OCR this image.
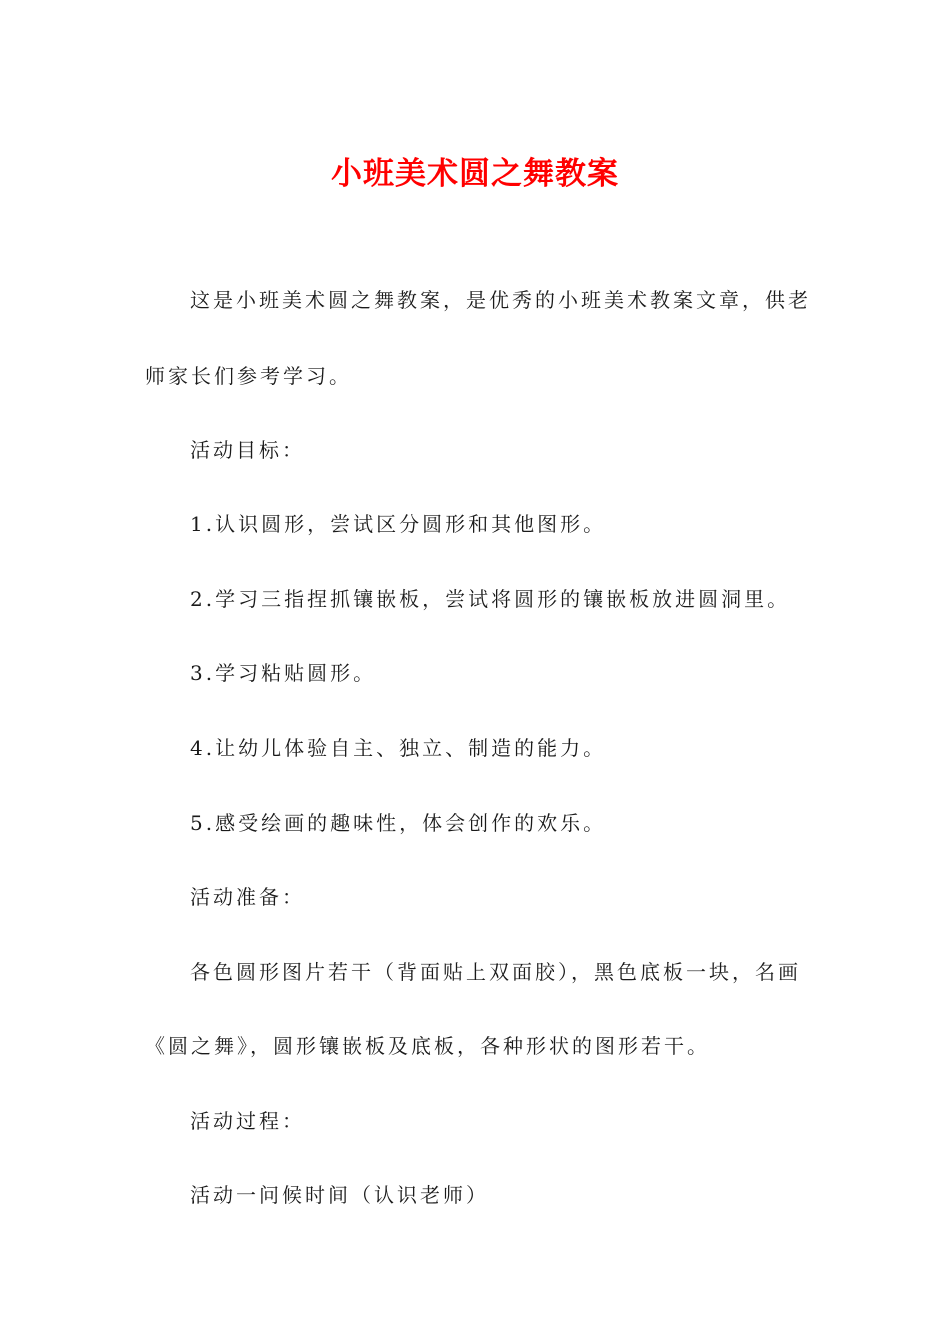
小班美术圆之舞教案

这是小班美术圆之舞教案，是优秀的小班美术教案文章，供老

师家长们参考学习。

活动目标：

1.认识圆形，尝试区分圆形和其他图形。

2.学习三指捏抓镶嵌板，尝试将圆形的镶嵌板放进圆洞里。

3.学习粘贴圆形。

4.让幼儿体验自主、独立、制造的能力。

5.感受绘画的趣味性，体会创作的欢乐。

活动准备：

各色圆形图片若干（背面贴上双面胶），黑色底板一块，名画

《圆之舞》，圆形镶嵌板及底板，各种形状的图形若干。

活动过程：

活动一问候时间（认识老师）
